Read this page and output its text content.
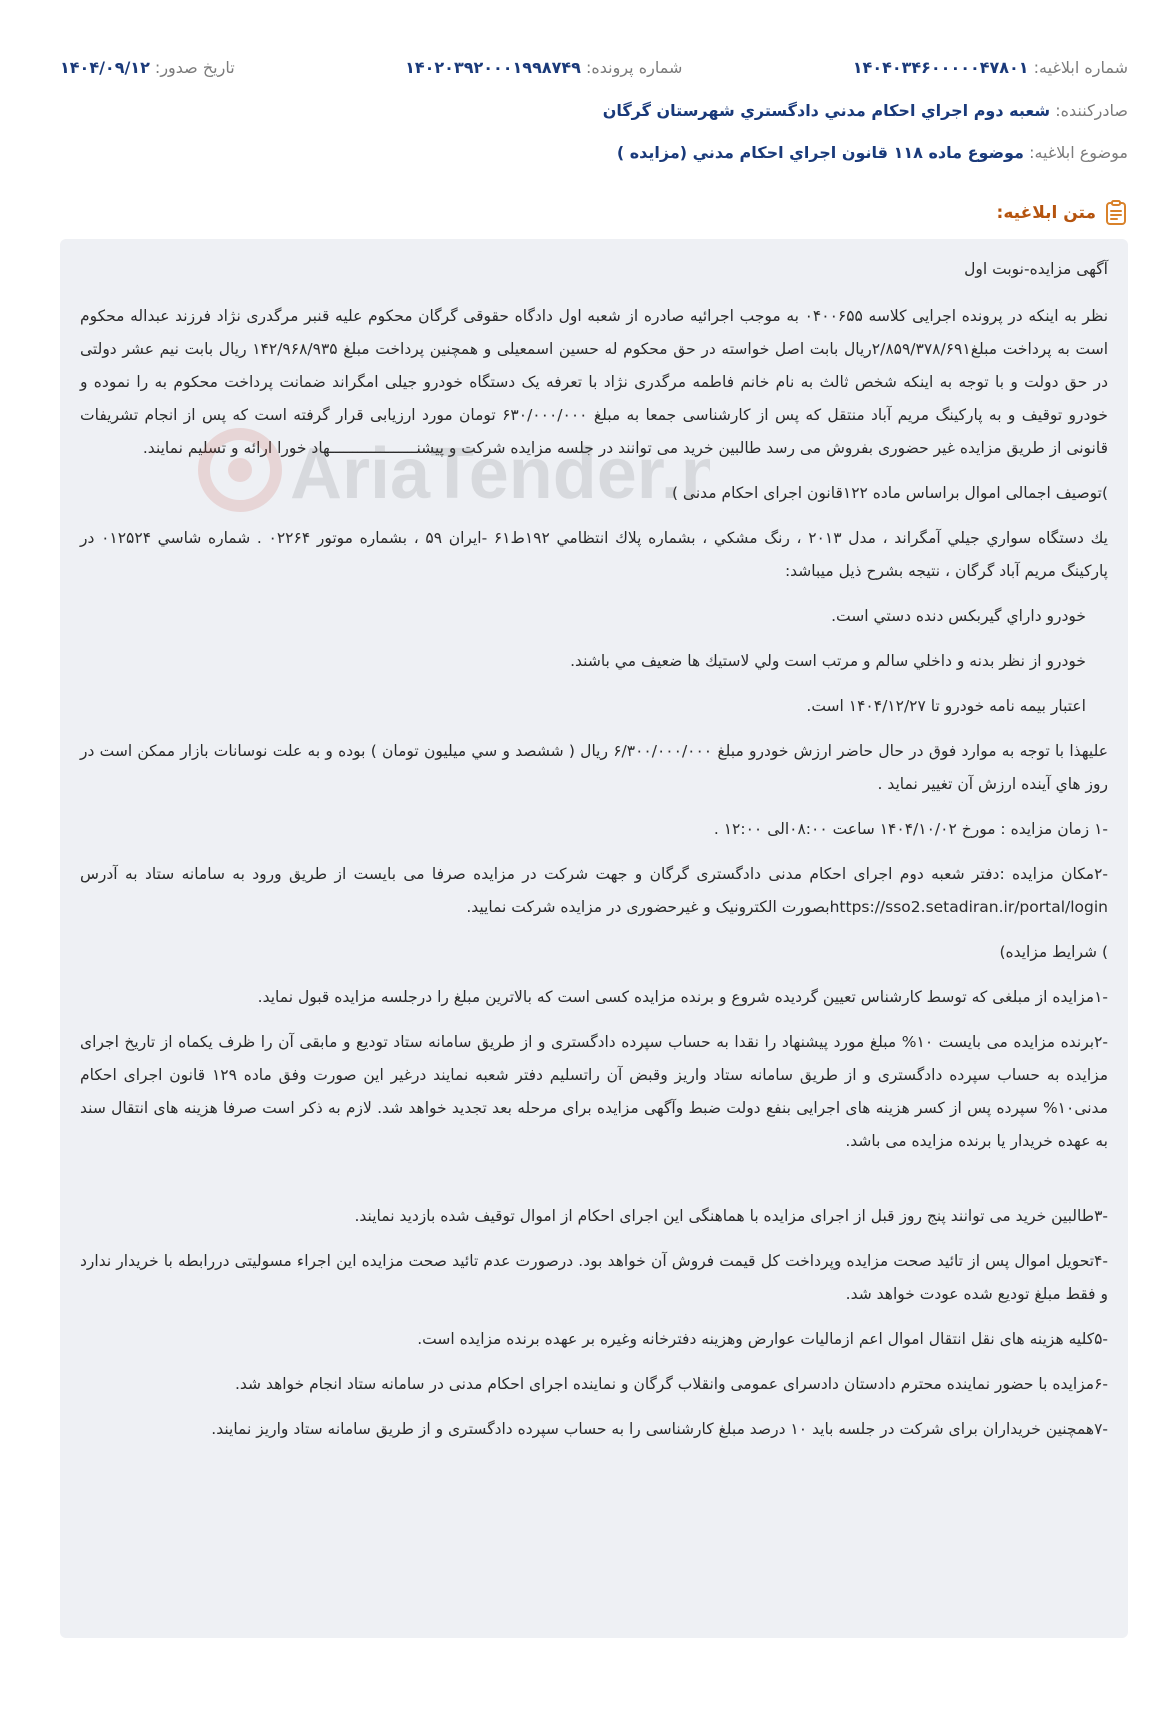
شماره ابلاغیه: ۱۴۰۴۰۳۴۶۰۰۰۰۰۴۷۸۰۱
شماره پرونده: ۱۴۰۲۰۳۹۲۰۰۰۱۹۹۸۷۴۹
تاریخ صدور: ۱۴۰۴/۰۹/۱۲
صادرکننده: شعبه دوم اجراي احكام مدني دادگستري شهرستان گرگان
موضوع ابلاغیه: موضوع ماده ۱۱۸ قانون اجراي احكام مدني (مزايده )
متن ابلاغیه:

آگهی مزایده-نوبت اول

نظر به اینکه در پرونده اجرایی کلاسه ۰۴۰۰۶۵۵ به موجب اجرائیه صادره از شعبه اول دادگاه حقوقی گرگان محکوم علیه قنبر مرگدری نژاد فرزند عبداله محکوم است به پرداخت مبلغ۲/۸۵۹/۳۷۸/۶۹۱ریال بابت اصل خواسته در حق محکوم له حسین اسمعیلی و همچنین پرداخت مبلغ ۱۴۲/۹۶۸/۹۳۵ ریال بابت نیم عشر دولتی در حق دولت و با توجه به اینکه شخص ثالث به نام خانم فاطمه مرگدری نژاد با تعرفه یک دستگاه خودرو جیلی امگراند ضمانت پرداخت محکوم به را نموده و خودرو توقیف و به پارکینگ مریم آباد منتقل که پس از کارشناسی جمعا به مبلغ ۶۳۰/۰۰۰/۰۰۰ تومان مورد ارزیابی قرار گرفته است که پس از انجام تشریفات قانونی از طریق مزایده غیر حضوری بفروش می رسد طالبین خرید می توانند در جلسه مزایده شرکت و پیشنـــــــــــــــــــهاد خورا ارائه و تسلیم نمایند.

)توصیف اجمالی اموال براساس ماده ۱۲۲قانون اجرای احکام مدنی )

يك دستگاه سواري جيلي آمگراند ، مدل ۲۰۱۳ ، رنگ مشكي ، بشماره پلاك انتظامي ۱۹۲ط۶۱ -ايران ۵۹ ، بشماره موتور ۰۲۲۶۴ . شماره شاسي ۰۱۲۵۲۴ در پاركينگ مريم آباد گرگان ، نتيجه بشرح ذيل ميباشد:

خودرو داراي گيربكس دنده دستي است.

خودرو از نظر بدنه و داخلي سالم و مرتب است ولي لاستيك ها ضعيف مي باشند.

اعتبار بيمه نامه خودرو تا ۱۴۰۴/۱۲/۲۷ است.

عليهذا با توجه به موارد فوق در حال حاضر ارزش خودرو مبلغ ۶/۳۰۰/۰۰۰/۰۰۰ ريال ( ششصد و سي ميليون تومان ) بوده و به علت نوسانات بازار ممكن است در روز هاي آينده ارزش آن تغيير نمايد .

-۱ زمان مزایده : مورخ ۱۴۰۴/۱۰/۰۲ ساعت ۰۸:۰۰الی ۱۲:۰۰ .

-۲مکان مزایده :دفتر شعبه دوم اجرای احکام مدنی دادگستری گرگان و جهت شرکت در مزایده صرفا می بایست از طریق ورود به سامانه ستاد به آدرس https://sso2.setadiran.ir/portal/loginبصورت الکترونیک و غیرحضوری در مزایده شرکت نمایید.

) شرایط مزایده)

-۱مزایده از مبلغی که توسط کارشناس تعیین گردیده شروع و برنده مزایده کسی است که بالاترین مبلغ را درجلسه مزایده قبول نماید.

-۲برنده مزایده می بایست ۱۰% مبلغ مورد پیشنهاد را نقدا به حساب سپرده دادگستری و از طریق سامانه ستاد تودیع و مابقی آن را ظرف یکماه از تاریخ اجرای مزایده به حساب سپرده دادگستری و از طریق سامانه ستاد واریز وقبض آن راتسلیم دفتر شعبه نمایند درغیر این صورت وفق ماده ۱۲۹ قانون اجرای احکام مدنی۱۰% سپرده پس از کسر هزینه های اجرایی بنفع دولت ضبط وآگهی مزایده برای مرحله بعد تجدید خواهد شد. لازم به ذکر است صرفا هزینه های انتقال سند به عهده خریدار یا برنده مزایده می باشد.

-۳طالبین خرید می توانند پنج روز قبل از اجرای مزایده با هماهنگی این اجرای احکام از اموال توقیف شده بازدید نمایند.

-۴تحویل اموال پس از تائید صحت مزایده وپرداخت کل قیمت فروش آن خواهد بود. درصورت عدم تائید صحت مزایده این اجراء مسولیتی دررابطه با خریدار ندارد و فقط مبلغ تودیع شده عودت خواهد شد.

-۵کلیه هزینه های نقل انتقال اموال اعم ازمالیات عوارض وهزینه دفترخانه وغیره بر عهده برنده مزایده است.

-۶مزایده با حضور نماینده محترم دادستان دادسرای عمومی وانقلاب گرگان و نماینده اجرای احکام مدنی در سامانه ستاد انجام خواهد شد.

-۷همچنین خریداران برای شرکت در جلسه باید ۱۰ درصد مبلغ کارشناسی را به حساب سپرده دادگستری و از طریق سامانه ستاد واریز نمایند.
